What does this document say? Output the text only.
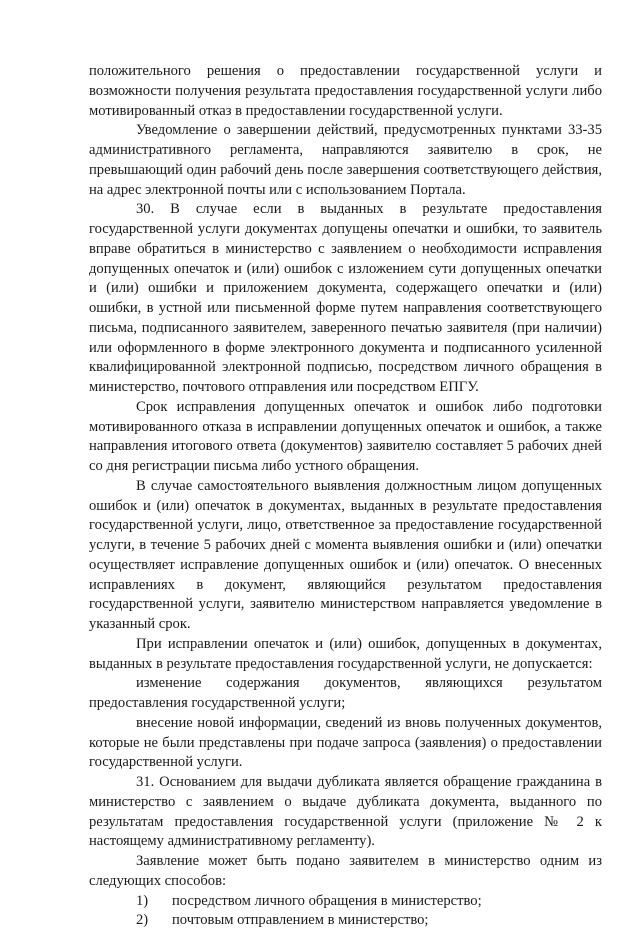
положительного решения о предоставлении государственной услуги и возможности получения результата предоставления государственной услуги либо мотивированный отказ в предоставлении государственной услуги.

Уведомление о завершении действий, предусмотренных пунктами 33-35 административного регламента, направляются заявителю в срок, не превышающий один рабочий день после завершения соответствующего действия, на адрес электронной почты или с использованием Портала.

30. В случае если в выданных в результате предоставления государственной услуги документах допущены опечатки и ошибки, то заявитель вправе обратиться в министерство с заявлением о необходимости исправления допущенных опечаток и (или) ошибок с изложением сути допущенных опечатки и (или) ошибки и приложением документа, содержащего опечатки и (или) ошибки, в устной или письменной форме путем направления соответствующего письма, подписанного заявителем, заверенного печатью заявителя (при наличии) или оформленного в форме электронного документа и подписанного усиленной квалифицированной электронной подписью, посредством личного обращения в министерство, почтового отправления или посредством ЕПГУ.

Срок исправления допущенных опечаток и ошибок либо подготовки мотивированного отказа в исправлении допущенных опечаток и ошибок, а также направления итогового ответа (документов) заявителю составляет 5 рабочих дней со дня регистрации письма либо устного обращения.

В случае самостоятельного выявления должностным лицом допущенных ошибок и (или) опечаток в документах, выданных в результате предоставления государственной услуги, лицо, ответственное за предоставление государственной услуги, в течение 5 рабочих дней с момента выявления ошибки и (или) опечатки осуществляет исправление допущенных ошибок и (или) опечаток. О внесенных исправлениях в документ, являющийся результатом предоставления государственной услуги, заявителю министерством направляется уведомление в указанный срок.

При исправлении опечаток и (или) ошибок, допущенных в документах, выданных в результате предоставления государственной услуги, не допускается:

изменение содержания документов, являющихся результатом предоставления государственной услуги;

внесение новой информации, сведений из вновь полученных документов, которые не были представлены при подаче запроса (заявления) о предоставлении государственной услуги.

31. Основанием для выдачи дубликата является обращение гражданина в министерство с заявлением о выдаче дубликата документа, выданного по результатам предоставления государственной услуги (приложение № 2 к настоящему административному регламенту).

Заявление может быть подано заявителем в министерство одним из следующих способов:

1)	посредством личного обращения в министерство;
2)	почтовым отправлением в министерство;
